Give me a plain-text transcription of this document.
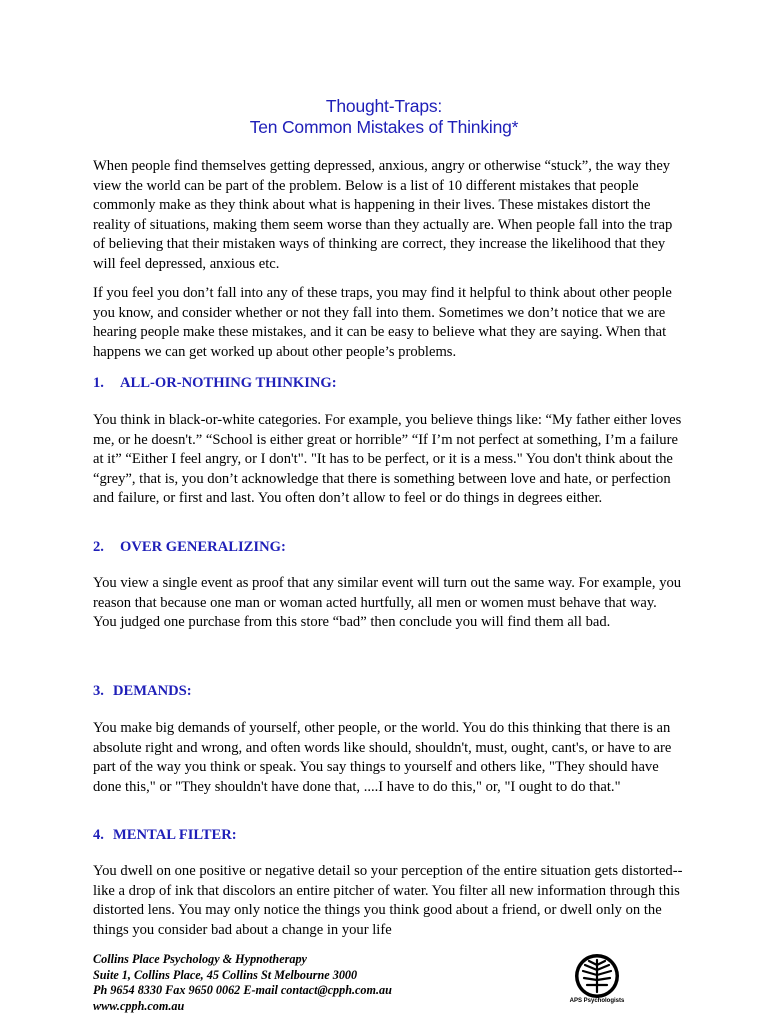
Thought-Traps:
Ten Common Mistakes of Thinking*

When people find themselves getting depressed, anxious, angry or otherwise “stuck”, the way they view the world can be part of the problem. Below is a list of 10 different mistakes that people commonly make as they think about what is happening in their lives. These mistakes distort the reality of situations, making them seem worse than they actually are. When people fall into the trap of believing that their mistaken ways of thinking are correct, they increase the likelihood that they will feel depressed, anxious etc.

If you feel you don’t fall into any of these traps, you may find it helpful to think about other people you know, and consider whether or not they fall into them. Sometimes we don’t notice that we are hearing people make these mistakes, and it can be easy to believe what they are saying. When that happens we can get worked up about other people’s problems.

1. ALL-OR-NOTHING THINKING:

You think in black-or-white categories. For example, you believe things like: “My father either loves me, or he doesn't.” “School is either great or horrible” “If I’m not perfect at something, I’m a failure at it” “Either I feel angry, or I don't". "It has to be perfect, or it is a mess." You don't think about the “grey”, that is, you don’t acknowledge that there is something between love and hate, or perfection and failure, or first and last. You often don’t allow to feel or do things in degrees either.

2. OVER GENERALIZING:

You view a single event as proof that any similar event will turn out the same way. For example, you reason that because one man or woman acted hurtfully, all men or women must behave that way. You judged one purchase from this store “bad” then conclude you will find them all bad.

3. DEMANDS:

You make big demands of yourself, other people, or the world. You do this thinking that there is an absolute right and wrong, and often words like should, shouldn't, must, ought, cant's, or have to are part of the way you think or speak. You say things to yourself and others like, "They should have done this," or "They shouldn't have done that, ....I have to do this," or, "I ought to do that."

4. MENTAL FILTER:

You dwell on one positive or negative detail so your perception of the entire situation gets distorted--like a drop of ink that discolors an entire pitcher of water. You filter all new information through this distorted lens. You may only notice the things you think good about a friend, or dwell only on the things you consider bad about a change in your life

Collins Place Psychology & Hypnotherapy
Suite 1, Collins Place, 45 Collins St Melbourne 3000
Ph 9654 8330 Fax 9650 0062 E-mail contact@cpph.com.au
www.cpph.com.au	APS Psychologists
